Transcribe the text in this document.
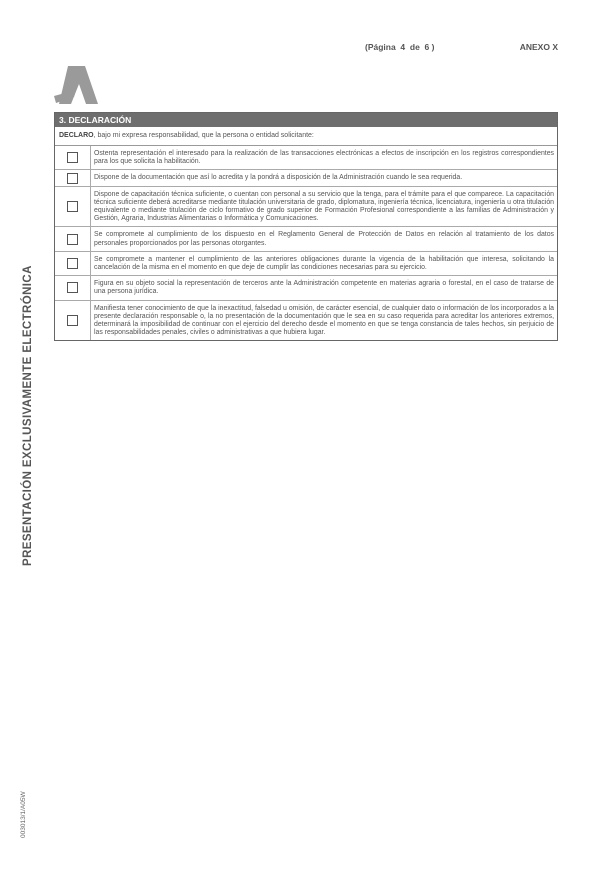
(Página  4  de  6 )	ANEXO X
PRESENTACIÓN EXCLUSIVAMENTE ELECTRÓNICA
003013/1/A05W
3. DECLARACIÓN
DECLARO, bajo mi expresa responsabilidad, que la persona o entidad solicitante:
Ostenta representación el interesado para la realización de las transacciones electrónicas a efectos de inscripción en los registros correspondientes para los que solicita la habilitación.
Dispone de la documentación que así lo acredita y la pondrá a disposición de la Administración cuando le sea requerida.
Dispone de capacitación técnica suficiente, o cuentan con personal a su servicio que la tenga, para el trámite para el que comparece. La capacitación técnica suficiente deberá acreditarse mediante titulación universitaria de grado, diplomatura, ingeniería técnica, licenciatura, ingeniería u otra titulación equivalente o mediante titulación de ciclo formativo de grado superior de Formación Profesional correspondiente a las familias de Administración y Gestión, Agraria, Industrias Alimentarias o Informática y Comunicaciones.
Se compromete al cumplimiento de los dispuesto en el Reglamento General de Protección de Datos en relación al tratamiento de los datos personales proporcionados por las personas otorgantes.
Se compromete a mantener el cumplimiento de las anteriores obligaciones durante la vigencia de la habilitación que interesa, solicitando la cancelación de la misma en el momento en que deje de cumplir las condiciones necesarias para su ejercicio.
Figura en su objeto social la representación de terceros ante la Administración competente en materias agraria o forestal, en el caso de tratarse de una persona jurídica.
Manifiesta tener conocimiento de que la inexactitud, falsedad u omisión, de carácter esencial, de cualquier dato o información de los incorporados a la presente declaración responsable o, la no presentación de la documentación que le sea en su caso requerida para acreditar los anteriores extremos, determinará la imposibilidad de continuar con el ejercicio del derecho desde el momento en que se tenga constancia de tales hechos, sin perjuicio de las responsabilidades penales, civiles o administrativas a que hubiera lugar.
